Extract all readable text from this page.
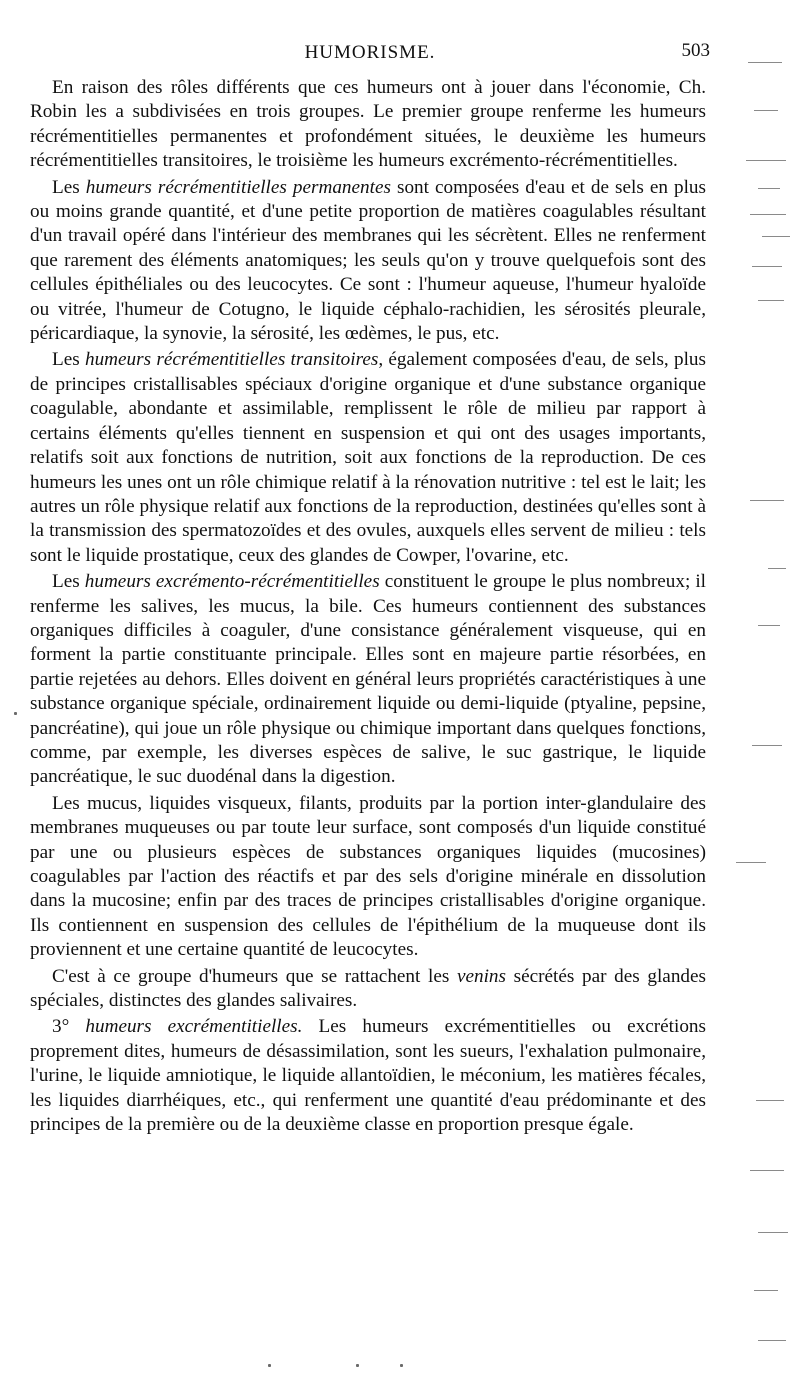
HUMORISME.	503

En raison des rôles différents que ces humeurs ont à jouer dans l'économie, Ch. Robin les a subdivisées en trois groupes. Le premier groupe renferme les humeurs récrémentitielles permanentes et profondément situées, le deuxième les humeurs récrémentitielles transitoires, le troisième les humeurs excrémento-récrémentitielles.

Les humeurs récrémentitielles permanentes sont composées d'eau et de sels en plus ou moins grande quantité, et d'une petite proportion de matières coagulables résultant d'un travail opéré dans l'intérieur des membranes qui les sécrètent. Elles ne renferment que rarement des éléments anatomiques; les seuls qu'on y trouve quelquefois sont des cellules épithéliales ou des leucocytes. Ce sont : l'humeur aqueuse, l'humeur hyaloïde ou vitrée, l'humeur de Cotugno, le liquide céphalo-rachidien, les sérosités pleurale, péricardiaque, la synovie, la sérosité, les œdèmes, le pus, etc.

Les humeurs récrémentitielles transitoires, également composées d'eau, de sels, plus de principes cristallisables spéciaux d'origine organique et d'une substance organique coagulable, abondante et assimilable, remplissent le rôle de milieu par rapport à certains éléments qu'elles tiennent en suspension et qui ont des usages importants, relatifs soit aux fonctions de nutrition, soit aux fonctions de la reproduction. De ces humeurs les unes ont un rôle chimique relatif à la rénovation nutritive : tel est le lait; les autres un rôle physique relatif aux fonctions de la reproduction, destinées qu'elles sont à la transmission des spermatozoïdes et des ovules, auxquels elles servent de milieu : tels sont le liquide prostatique, ceux des glandes de Cowper, l'ovarine, etc.

Les humeurs excrémento-récrémentitielles constituent le groupe le plus nombreux; il renferme les salives, les mucus, la bile. Ces humeurs contiennent des substances organiques difficiles à coaguler, d'une consistance généralement visqueuse, qui en forment la partie constituante principale. Elles sont en majeure partie résorbées, en partie rejetées au dehors. Elles doivent en général leurs propriétés caractéristiques à une substance organique spéciale, ordinairement liquide ou demi-liquide (ptyaline, pepsine, pancréatine), qui joue un rôle physique ou chimique important dans quelques fonctions, comme, par exemple, les diverses espèces de salive, le suc gastrique, le liquide pancréatique, le suc duodénal dans la digestion.

Les mucus, liquides visqueux, filants, produits par la portion inter-glandulaire des membranes muqueuses ou par toute leur surface, sont composés d'un liquide constitué par une ou plusieurs espèces de substances organiques liquides (mucosines) coagulables par l'action des réactifs et par des sels d'origine minérale en dissolution dans la mucosine; enfin par des traces de principes cristallisables d'origine organique. Ils contiennent en suspension des cellules de l'épithélium de la muqueuse dont ils proviennent et une certaine quantité de leucocytes.

C'est à ce groupe d'humeurs que se rattachent les venins sécrétés par des glandes spéciales, distinctes des glandes salivaires.

3° humeurs excrémentitielles. Les humeurs excrémentitielles ou excrétions proprement dites, humeurs de désassimilation, sont les sueurs, l'exhalation pulmonaire, l'urine, le liquide amniotique, le liquide allantoïdien, le méconium, les matières fécales, les liquides diarrhéiques, etc., qui renferment une quantité d'eau prédominante et des principes de la première ou de la deuxième classe en proportion presque égale.
